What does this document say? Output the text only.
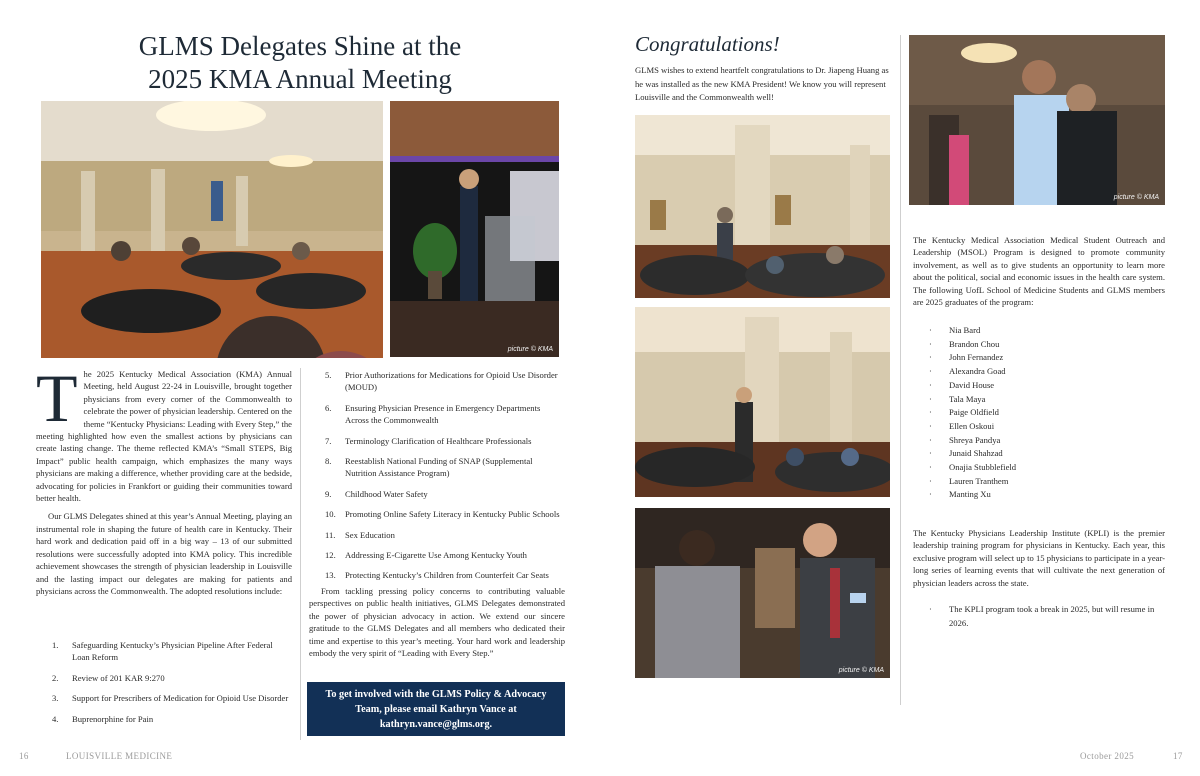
GLMS Delegates Shine at the
2025 KMA Annual Meeting
picture © KMA

T he 2025 Kentucky Medical Association (KMA) Annual Meeting, held August 22-24 in Louisville, brought together physicians from every corner of the Commonwealth to celebrate the power of physician leadership. Centered on the theme “Kentucky Physicians: Leading with Every Step,” the meeting highlighted how even the smallest actions by physicians can create lasting change. The theme reflected KMA’s “Small STEPS, Big Impact” public health campaign, which emphasizes the many ways physicians are making a difference, whether providing care at the bedside, advocating for policies in Frankfort or guiding their communities toward better health.

Our GLMS Delegates shined at this year’s Annual Meeting, playing an instrumental role in shaping the future of health care in Kentucky. Their hard work and dedication paid off in a big way – 13 of our submitted resolutions were successfully adopted into KMA policy. This incredible achievement showcases the strength of physician leadership in Louisville and the lasting impact our delegates are making for patients and physicians across the Commonwealth. The adopted resolutions include:

1. Safeguarding Kentucky’s Physician Pipeline After Federal Loan Reform
2. Review of 201 KAR 9:270
3. Support for Prescribers of Medication for Opioid Use Disorder
4. Buprenorphine for Pain
5. Prior Authorizations for Medications for Opioid Use Disorder (MOUD)
6. Ensuring Physician Presence in Emergency Departments Across the Commonwealth
7. Terminology Clarification of Healthcare Professionals
8. Reestablish National Funding of SNAP (Supplemental Nutrition Assistance Program)
9. Childhood Water Safety
10. Promoting Online Safety Literacy in Kentucky Public Schools
11. Sex Education
12. Addressing E-Cigarette Use Among Kentucky Youth
13. Protecting Kentucky’s Children from Counterfeit Car Seats

From tackling pressing policy concerns to contributing valuable perspectives on public health initiatives, GLMS Delegates demonstrated the power of physician advocacy in action. We extend our sincere gratitude to the GLMS Delegates and all members who dedicated their time and expertise to this year’s meeting. Your hard work and leadership embody the very spirit of “Leading with Every Step.”

To get involved with the GLMS Policy & Advocacy
Team, please email Kathryn Vance at
kathryn.vance@glms.org.
Congratulations!
GLMS wishes to extend heartfelt congratulations to Dr. Jiapeng Huang as he was installed as the new KMA President! We know you will represent Louisville and the Commonwealth well!
picture © KMA
picture © KMA
The Kentucky Medical Association Medical Student Outreach and Leadership (MSOL) Program is designed to promote community involvement, as well as to give students an opportunity to learn more about the political, social and economic issues in the health care system. The following UofL School of Medicine Students and GLMS members are 2025 graduates of the program:
· Nia Bard
· Brandon Chou
· John Fernandez
· Alexandra Goad
· David House
· Tala Maya
· Paige Oldfield
· Ellen Oskoui
· Shreya Pandya
· Junaid Shahzad
· Onajia Stubblefield
· Lauren Tranthem
· Manting Xu
The Kentucky Physicians Leadership Institute (KPLI) is the premier leadership training program for physicians in Kentucky. Each year, this exclusive program will select up to 15 physicians to participate in a year-long series of learning events that will cultivate the next generation of physician leaders across the state.
· The KPLI program took a break in 2025, but will resume in 2026.
16	LOUISVILLE MEDICINE	October 2025	17
